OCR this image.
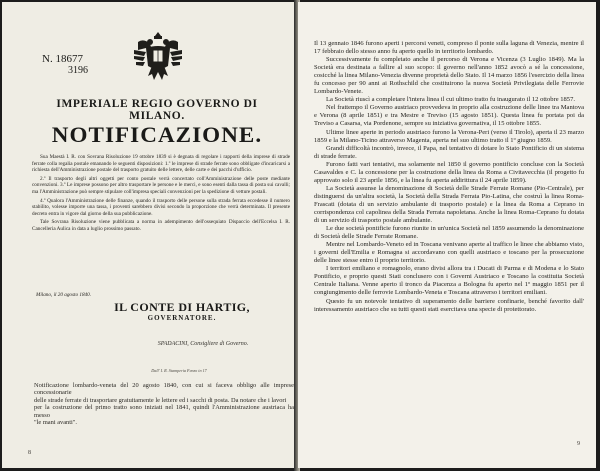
N. 18677
3196
IMPERIALE REGIO GOVERNO DI MILANO.
NOTIFICAZIONE.

Sua Maestà I. R. con Sovrana Risoluzione 19 ottobre 1839 si è degnata di regolare i rapporti della imprese di strade ferrate colla regalia postale emanando le seguenti disposizioni: 1.º le imprese di strade ferrate sono obbligate d'incaricarsi a richiesta dell'Amministrazione postale del trasporto gratuito delle lettere, delle carte e dei pacchi d'ufficio.

2.º Il trasporto degli altri oggetti per conto postale verrà concertato coll'Amministrazione delle poste mediante convenzioni. 3.º Le imprese possono per altro trasportare le persone e le merci, e sono esenti dalla tassa di posta sui cavalli; ma l'Amministrazione può sempre stipulare coll'impresa speciali convenzioni per la spedizione di vetture postali.

4.º Qualora l'Amministrazione delle finanze, quando il trasporto delle persone sulla strada ferrata eccedesse il numero stabilito, volesse imporre una tassa, i proventi sarebbero divisi secondo la proporzione che verrà determinata. Il presente decreto entra in vigore dal giorno della sua pubblicazione.

Tale Sovrana Risoluzione viene pubblicata a norma in adempimento dell'ossequiato Dispaccio dell'Eccelsa I. R. Cancelleria Aulica in data a luglio prossimo passato.

Milano, il 20 agosto 1840.
IL CONTE DI HARTIG,
GOVERNATORE.
SPADACINI, Consigliere di Governo.
Dall' I. R. Stamperia Fenzo in 17
Notificazione lombardo-veneta del 20 agosto 1840, con cui si faceva obbligo alle imprese concessionarie
delle strade ferrate di trasportare gratuitamente le lettere ed i sacchi di posta. Da notare che i lavori
per la costruzione del primo tratto sono iniziati nel 1841, quindi l'Amministrazione austriaca ha messo
"le mani avanti".
8

Il 13 gennaio 1846 furono aperti i percorsi veneti, compreso il ponte sulla laguna di Venezia, mentre il 17 febbraio dello stesso anno fu aperto quello in territorio lombardo.

Successivamente fu completato anche il percorso di Verona e Vicenza (3 Luglio 1849). Ma la Società era destinata a fallire al suo scopo: il governo nell'anno 1852 avocò a sé la concessione, cosicché la linea Milano-Venezia divenne proprietà dello Stato. Il 14 marzo 1856 l'esercizio della linea fu concesso per 90 anni ai Rothschild che costituirono la nuova Società Privilegiata delle Ferrovie Lombardo-Venete.

La Società riuscì a completare l'intera linea il cui ultimo tratto fu inaugurato il 12 ottobre 1857.

Nel frattempo il Governo austriaco provvedeva in proprio alla costruzione delle linee tra Mantova e Verona (8 aprile 1851) e tra Mestre e Treviso (15 agosto 1851). Questa linea fu portata poi da Treviso a Casarsa, via Pordenone, sempre su iniziativa governativa, il 15 ottobre 1855.

Ultime linee aperte in periodo austriaco furono la Verona-Peri (verso il Tirolo), aperta il 23 marzo 1859 e la Milano-Ticino attraverso Magenta, aperta nel suo ultimo tratto il 1º giugno 1859.

Grandi difficoltà incontrò, invece, il Papa, nel tentativo di dotare lo Stato Pontificio di un sistema di strade ferrate.

Furono fatti vari tentativi, ma solamente nel 1850 il governo pontificio concluse con la Società Casavaldes e C. la concessione per la costruzione della linea da Roma a Civitavecchia (il progetto fu approvato solo il 23 aprile 1856, e la linea fu aperta addirittura il 24 aprile 1859).

La Società assunse la denominazione di Società delle Strade Ferrate Romane (Pio-Centrale), per distinguersi da un'altra società, la Società della Strada Ferrata Pio-Latina, che costruì la linea Roma-Frascati (dotata di un servizio ambulante di trasporto postale) e la linea da Roma a Ceprano in corrispondenza col capolinea della Strada Ferrata napoletana. Anche la linea Roma-Ceprano fu dotata di un servizio di trasporto postale ambulante.

Le due società pontificie furono riunite in un'unica Società nel 1859 assumendo la denominazione di Società delle Strade Ferrate Romane.

Mentre nel Lombardo-Veneto ed in Toscana venivano aperte al traffico le linee che abbiamo visto, i governi dell'Emilia e Romagna si accordavano con quelli austriaco e toscano per la prosecuzione delle linee stesse entro il proprio territorio.

I territori emiliano e romagnolo, erano divisi allora tra i Ducati di Parma e di Modena e lo Stato Pontificio, e proprio questi Stati conclusero con i Governi Austriaco e Toscano la costituita Società Centrale Italiana. Venne aperto il tronco da Piacenza a Bologna fu aperto nel 1º maggio 1851 per il congiungimento delle ferrovie Lombardo-Veneta e Toscana attraverso i territori emiliani.

Questo fu un notevole tentativo di superamento delle barriere confinarie, benché favorito dall' interessamento austriaco che su tutti questi stati esercitava una specie di protettorato.

9
